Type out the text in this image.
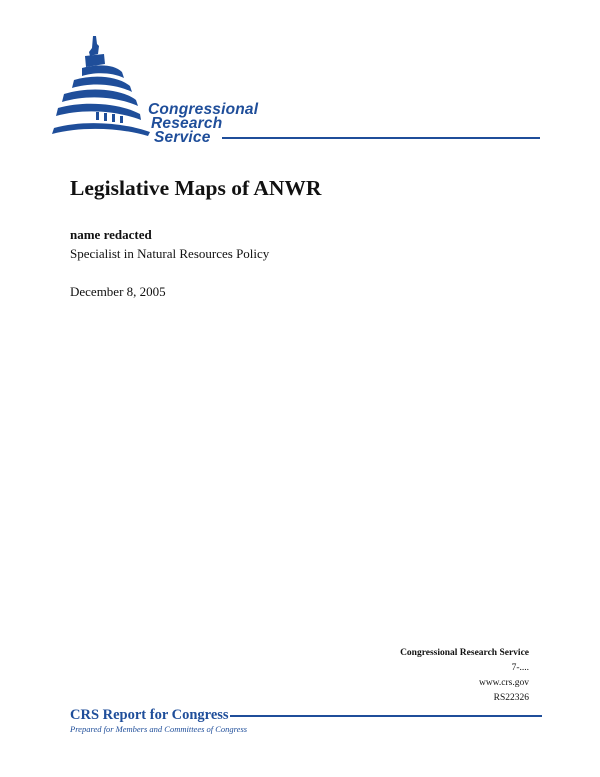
Congressional
Research
Service
Legislative Maps of ANWR
name redacted
Specialist in Natural Resources Policy
December 8, 2005
Congressional Research Service
7-....
www.crs.gov
RS22326
CRS Report for Congress
Prepared for Members and Committees of Congress
